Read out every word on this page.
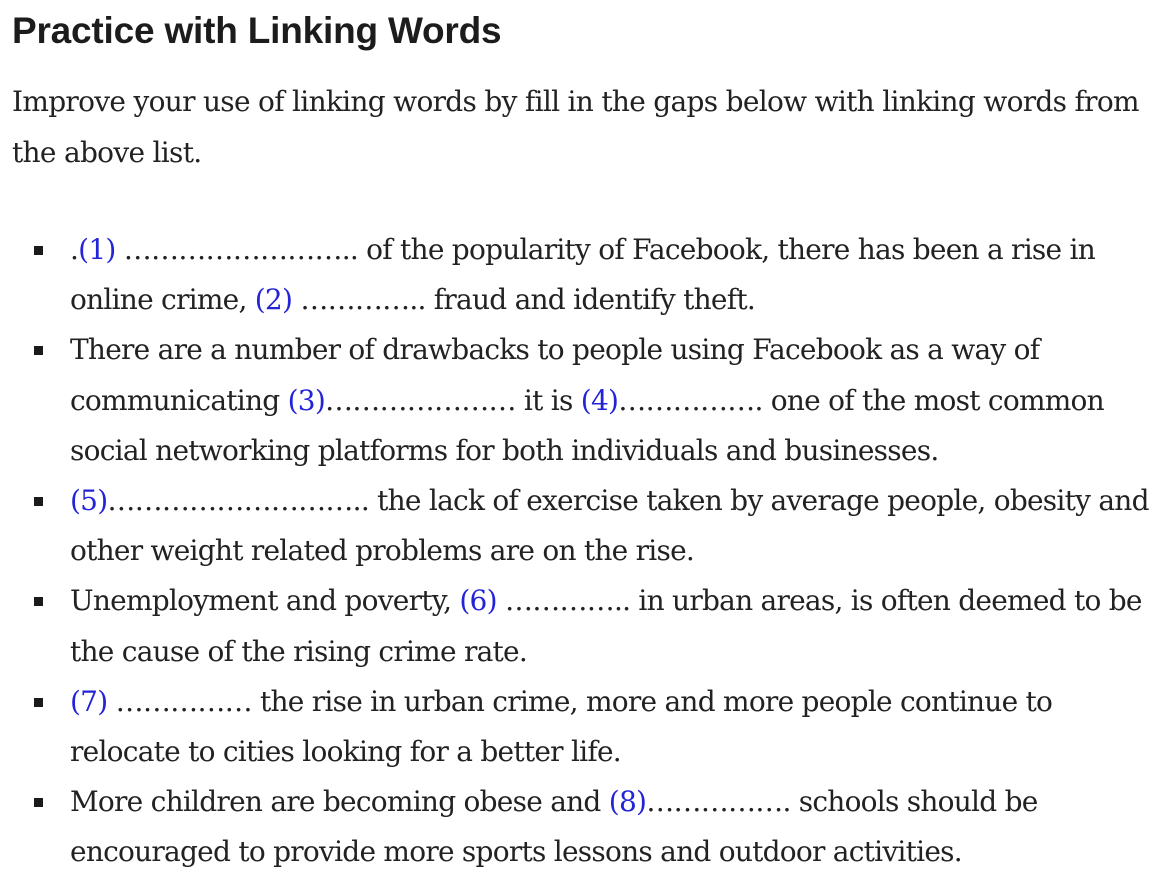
Practice with Linking Words

Improve your use of linking words by fill in the gaps below with linking words from the above list.

.(1) …………………….. of the popularity of Facebook, there has been a rise in online crime, (2) ………….. fraud and identify theft.
There are a number of drawbacks to people using Facebook as a way of communicating (3)………………… it is (4)……………. one of the most common social networking platforms for both individuals and businesses.
(5)……………………….. the lack of exercise taken by average people, obesity and other weight related problems are on the rise.
Unemployment and poverty, (6) ………….. in urban areas, is often deemed to be the cause of the rising crime rate.
(7) …………… the rise in urban crime, more and more people continue to relocate to cities looking for a better life.
More children are becoming obese and (8)……………. schools should be encouraged to provide more sports lessons and outdoor activities.
